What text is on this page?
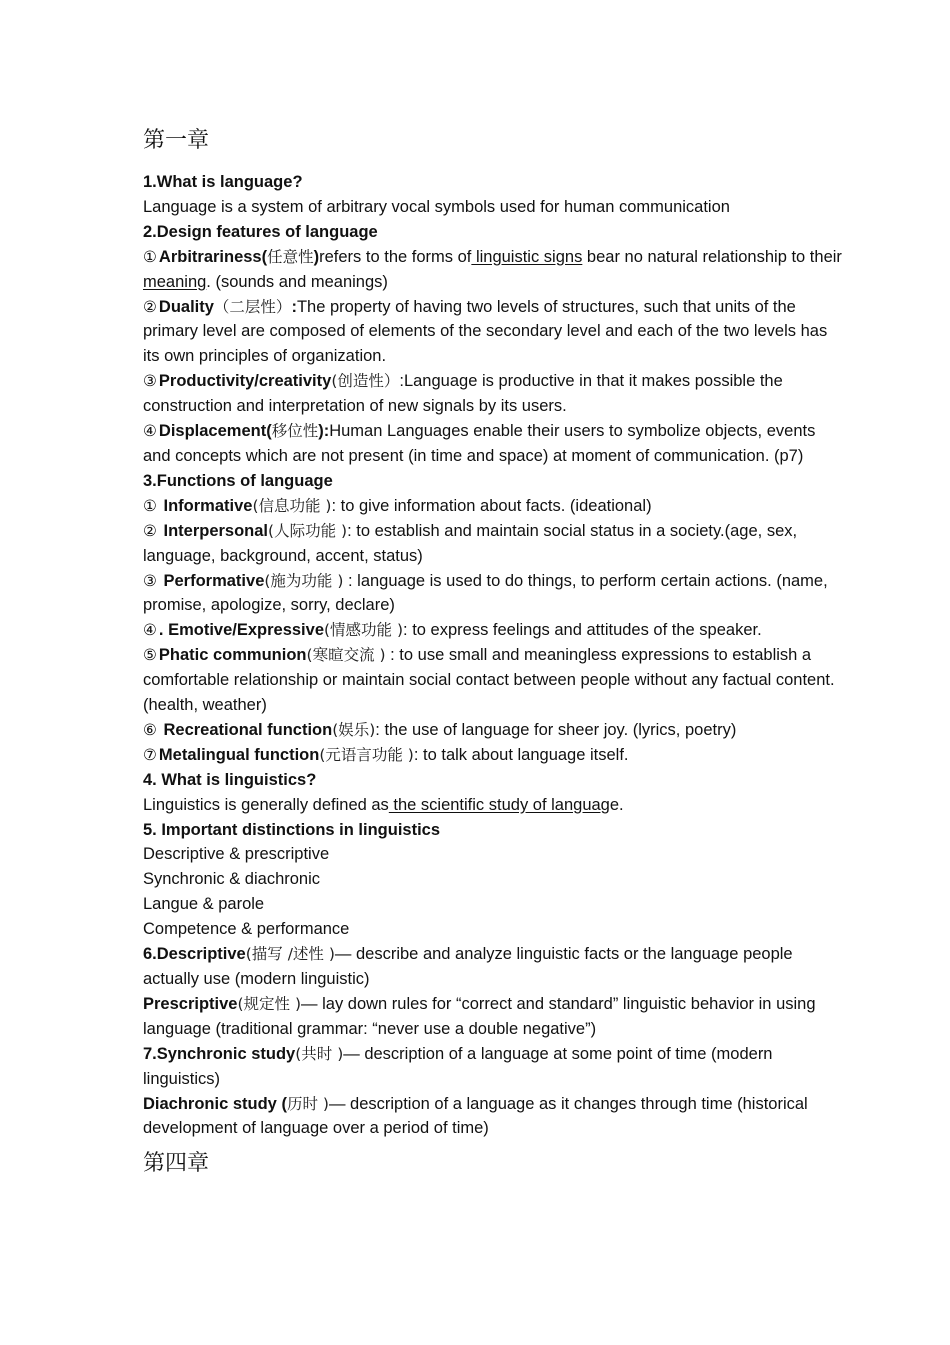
第一章

1.What is language?

Language is a system of arbitrary vocal symbols used for human communication

2.Design features of language

① Arbitrariness(任意性)refers to the forms of linguistic signs bear no natural relationship to their meaning. (sounds and meanings)

② Duality（二层性）:The property of having two levels of structures, such that units of the primary level are composed of elements of the secondary level and each of the two levels has its own principles of organization.

③ Productivity/creativity(创造性）:Language is productive in that it makes possible the construction and interpretation of new signals by its users.

④ Displacement(移位性):Human Languages enable their users to symbolize objects, events and concepts which are not present (in time and space) at moment of communication. (p7)

3.Functions of language

① Informative(信息功能 ): to give information about facts. (ideational)

② Interpersonal(人际功能 ): to establish and maintain social status in a society.(age, sex, language, background, accent, status)

③ Performative(施为功能 ) : language is used to do things, to perform certain actions. (name, promise, apologize, sorry, declare)

④ . Emotive/Expressive(情感功能 ): to express feelings and attitudes of the speaker.

⑤ Phatic communion(寒暄交流 ) : to use small and meaningless expressions to establish a comfortable relationship or maintain social contact between people without any factual content. (health, weather)

⑥ Recreational function(娱乐): the use of language for sheer joy. (lyrics, poetry)

⑦ Metalingual function(元语言功能 ): to talk about language itself.

4. What is linguistics?

Linguistics is generally defined as the scientific study of language.

5. Important distinctions in linguistics

Descriptive & prescriptive

Synchronic & diachronic

Langue & parole

Competence & performance

6.Descriptive(描写 /述性 )— describe and analyze linguistic facts or the language people actually use (modern linguistic)

Prescriptive(规定性 )— lay down rules for “correct and standard” linguistic behavior in using language (traditional grammar: “never use a double negative”)

7.Synchronic study(共时 )— description of a language at some point of time (modern linguistics)

Diachronic study (历时 )— description of a language as it changes through time (historical development of language over a period of time)

第四章
